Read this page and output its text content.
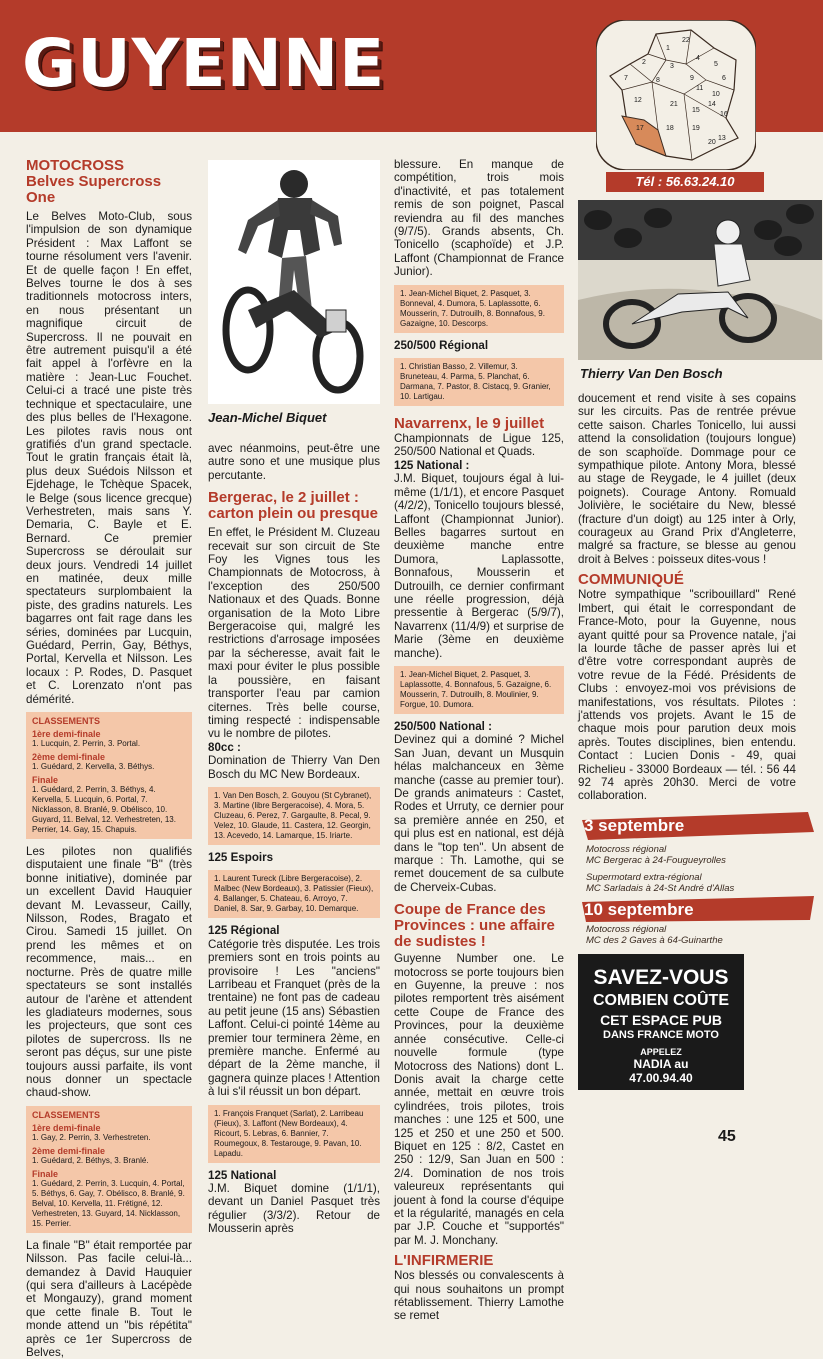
GUYENNE	1
2
3
4
5
6
7	8	9
10
11
12
13
14
15
16
17	18	19
20
21
22
Tél : 56.63.24.10
MOTOCROSS
Belves Supercross One

Le Belves Moto-Club, sous l'impulsion de son dynamique Président : Max Laffont se tourne résolument vers l'avenir. Et de quelle façon ! En effet, Belves tourne le dos à ses traditionnels motocross inters, en nous présentant un magnifique circuit de Supercross. Il ne pouvait en être autrement puisqu'il a été fait appel à l'orfèvre en la matière : Jean-Luc Fouchet. Celui-ci a tracé une piste très technique et spectaculaire, une des plus belles de l'Hexagone. Les pilotes ravis nous ont gratifiés d'un grand spectacle. Tout le gratin français était là, plus deux Suédois Nilsson et Ejdehage, le Tchèque Spacek, le Belge (sous licence grecque) Verhestreten, mais sans Y. Demaria, C. Bayle et E. Bernard. Ce premier Supercross se déroulait sur deux jours. Vendredi 14 juillet en matinée, deux mille spectateurs surplombaient la piste, des gradins naturels. Les bagarres ont fait rage dans les séries, dominées par Lucquin, Guédard, Perrin, Gay, Béthys, Portal, Kervella et Nilsson. Les locaux : P. Rodes, D. Pasquet et C. Lorenzato n'ont pas démérité.

CLASSEMENTS
1ère demi-finale
1. Lucquin, 2. Perrin, 3. Portal.
2ème demi-finale
1. Guédard, 2. Kervella, 3. Béthys.
Finale
1. Guédard, 2. Perrin, 3. Béthys, 4. Kervella, 5. Lucquin, 6. Portal, 7. Nicklasson, 8. Branlé, 9. Obélisco, 10. Guyard, 11. Belval, 12. Verhestreten, 13. Perrier, 14. Gay, 15. Chapuis.

Les pilotes non qualifiés disputaient une finale "B" (très bonne initiative), dominée par un excellent David Hauquier devant M. Levasseur, Cailly, Nilsson, Rodes, Bragato et Cirou. Samedi 15 juillet. On prend les mêmes et on recommence, mais... en nocturne. Près de quatre mille spectateurs se sont installés autour de l'arène et attendent les gladiateurs modernes, sous les projecteurs, que sont ces pilotes de supercross. Ils ne seront pas déçus, sur une piste toujours aussi parfaite, ils vont nous donner un spectacle chaud-show.

CLASSEMENTS
1ère demi-finale
1. Gay, 2. Perrin, 3. Verhestreten.
2ème demi-finale
1. Guédard, 2. Béthys, 3. Branlé.
Finale
1. Guédard, 2. Perrin, 3. Lucquin, 4. Portal, 5. Béthys, 6. Gay, 7. Obélisco, 8. Branlé, 9. Belval, 10. Kervella, 11. Frétigné, 12. Verhestreten, 13. Guyard, 14. Nicklasson, 15. Perrier.

La finale "B" était remportée par Nilsson. Pas facile celui-là... demandez à David Hauquier (qui sera d'ailleurs à Lacépède et Mongauzy), grand moment que cette finale B. Tout le monde attend un "bis répétita" après ce 1er Supercross de Belves,

Jean-Michel Biquet

avec néanmoins, peut-être une autre sono et une musique plus percutante.

Bergerac, le 2 juillet : carton plein ou presque

En effet, le Président M. Cluzeau recevait sur son circuit de Ste Foy les Vignes tous les Championnats de Motocross, à l'exception des 250/500 Nationaux et des Quads. Bonne organisation de la Moto Libre Bergeracoise qui, malgré les restrictions d'arrosage imposées par la sécheresse, avait fait le maxi pour éviter le plus possible la poussière, en faisant transporter l'eau par camion citernes. Très belle course, timing respecté : indispensable vu le nombre de pilotes.

80cc :

Domination de Thierry Van Den Bosch du MC New Bordeaux.

1. Van Den Bosch, 2. Gouyou (St Cybranet), 3. Martine (libre Bergeracoise), 4. Mora, 5. Cluzeau, 6. Perez, 7. Gargaulte, 8. Pecal, 9. Velez, 10. Glaude, 11. Castera, 12. Georgin, 13. Acevedo, 14. Lamarque, 15. Iriarte.
125 Espoirs
1. Laurent Tureck (Libre Bergeracoise), 2. Malbec (New Bordeaux), 3. Patissier (Fieux), 4. Ballanger, 5. Chateau, 6. Arroyo, 7. Daniel, 8. Sar, 9. Garbay, 10. Demarque.
125 Régional

Catégorie très disputée. Les trois premiers sont en trois points au provisoire ! Les "anciens" Larribeau et Franquet (près de la trentaine) ne font pas de cadeau au petit jeune (15 ans) Sébastien Laffont. Celui-ci pointé 14ème au premier tour terminera 2ème, en première manche. Enfermé au départ de la 2ème manche, il gagnera quinze places ! Attention à lui s'il réussit un bon départ.

1. François Franquet (Sarlat), 2. Larribeau (Fieux), 3. Laffont (New Bordeaux), 4. Ricourt, 5. Lebras, 6. Bannier, 7. Roumegoux, 8. Testarouge, 9. Pavan, 10. Lapadu.
125 National

J.M. Biquet domine (1/1/1), devant un Daniel Pasquet très régulier (3/3/2). Retour de Mousserin après

blessure. En manque de compétition, trois mois d'inactivité, et pas totalement remis de son poignet, Pascal reviendra au fil des manches (9/7/5). Grands absents, Ch. Tonicello (scaphoïde) et J.P. Laffont (Championnat de France Junior).

1. Jean-Michel Biquet, 2. Pasquet, 3. Bonneval, 4. Dumora, 5. Laplassotte, 6. Mousserin, 7. Dutrouilh, 8. Bonnafous, 9. Gazaigne, 10. Descorps.
250/500 Régional
1. Christian Basso, 2. Villemur, 3. Bruneteau, 4. Parma, 5. Planchat, 6. Darmana, 7. Pastor, 8. Cistacq, 9. Granier, 10. Lartigau.
Navarrenx, le 9 juillet

Championnats de Ligue 125, 250/500 National et Quads.

125 National :

J.M. Biquet, toujours égal à lui-même (1/1/1), et encore Pasquet (4/2/2), Tonicello toujours blessé, Laffont (Championnat Junior). Belles bagarres surtout en deuxième manche entre Dumora, Laplassotte, Bonnafous, Mousserin et Dutrouilh, ce dernier confirmant une réelle progression, déjà pressentie à Bergerac (5/9/7), Navarrenx (11/4/9) et surprise de Marie (3ème en deuxième manche).

1. Jean-Michel Biquet, 2. Pasquet, 3. Laplassotte, 4. Bonnafous, 5. Gazaigne, 6. Mousserin, 7. Dutrouilh, 8. Moulinier, 9. Forgue, 10. Dumora.
250/500 National :

Devinez qui a dominé ? Michel San Juan, devant un Musquin hélas malchanceux en 3ème manche (casse au premier tour). De grands animateurs : Castet, Rodes et Urruty, ce dernier pour sa première année en 250, et qui plus est en national, est déjà dans le "top ten". Un absent de marque : Th. Lamothe, qui se remet doucement de sa culbute de Cherveix-Cubas.

Coupe de France des Provinces : une affaire de sudistes !

Guyenne Number one. Le motocross se porte toujours bien en Guyenne, la preuve : nos pilotes remportent très aisément cette Coupe de France des Provinces, pour la deuxième année consécutive. Celle-ci nouvelle formule (type Motocross des Nations) dont L. Donis avait la charge cette année, mettait en œuvre trois cylindrées, trois pilotes, trois manches : une 125 et 500, une 125 et 250 et une 250 et 500. Biquet en 125 : 8/2, Castet en 250 : 12/9, San Juan en 500 : 2/4. Domination de nos trois valeureux représentants qui jouent à fond la course d'équipe et la régularité, managés en cela par J.P. Couche et "supportés" par M. J. Monchany.

L'INFIRMERIE

Nos blessés ou convalescents à qui nous souhaitons un prompt rétablissement. Thierry Lamothe se remet

Thierry Van Den Bosch

doucement et rend visite à ses copains sur les circuits. Pas de rentrée prévue cette saison. Charles Tonicello, lui aussi attend la consolidation (toujours longue) de son scaphoïde. Dommage pour ce sympathique pilote. Antony Mora, blessé au stage de Reygade, le 4 juillet (deux poignets). Courage Antony. Romuald Jolivière, le sociétaire du New, blessé (fracture d'un doigt) au 125 inter à Orly, courageux au Grand Prix d'Angleterre, malgré sa fracture, se blesse au genou droit à Belves : poisseux dites-vous !

COMMUNIQUÉ

Notre sympathique "scribouillard" René Imbert, qui était le correspondant de France-Moto, pour la Guyenne, nous ayant quitté pour sa Provence natale, j'ai la lourde tâche de passer après lui et d'être votre correspondant auprès de votre revue de la Fédé. Présidents de Clubs : envoyez-moi vos prévisions de manifestations, vos résultats. Pilotes : j'attends vos projets. Avant le 15 de chaque mois pour parution deux mois après. Toutes disciplines, bien entendu. Contact : Lucien Donis - 49, quai Richelieu - 33000 Bordeaux — tél. : 56 44 92 74 après 20h30. Merci de votre collaboration.

3 septembre
Motocross régional
MC Bergerac à 24-Fougueyrolles
Supermotard extra-régional
MC Sarladais à 24-St André d'Allas
10 septembre
Motocross régional
MC des 2 Gaves à 64-Guinarthe
SAVEZ-VOUS
COMBIEN COÛTE
CET ESPACE PUB
DANS FRANCE MOTO
APPELEZ
NADIA au
47.00.94.40
45
